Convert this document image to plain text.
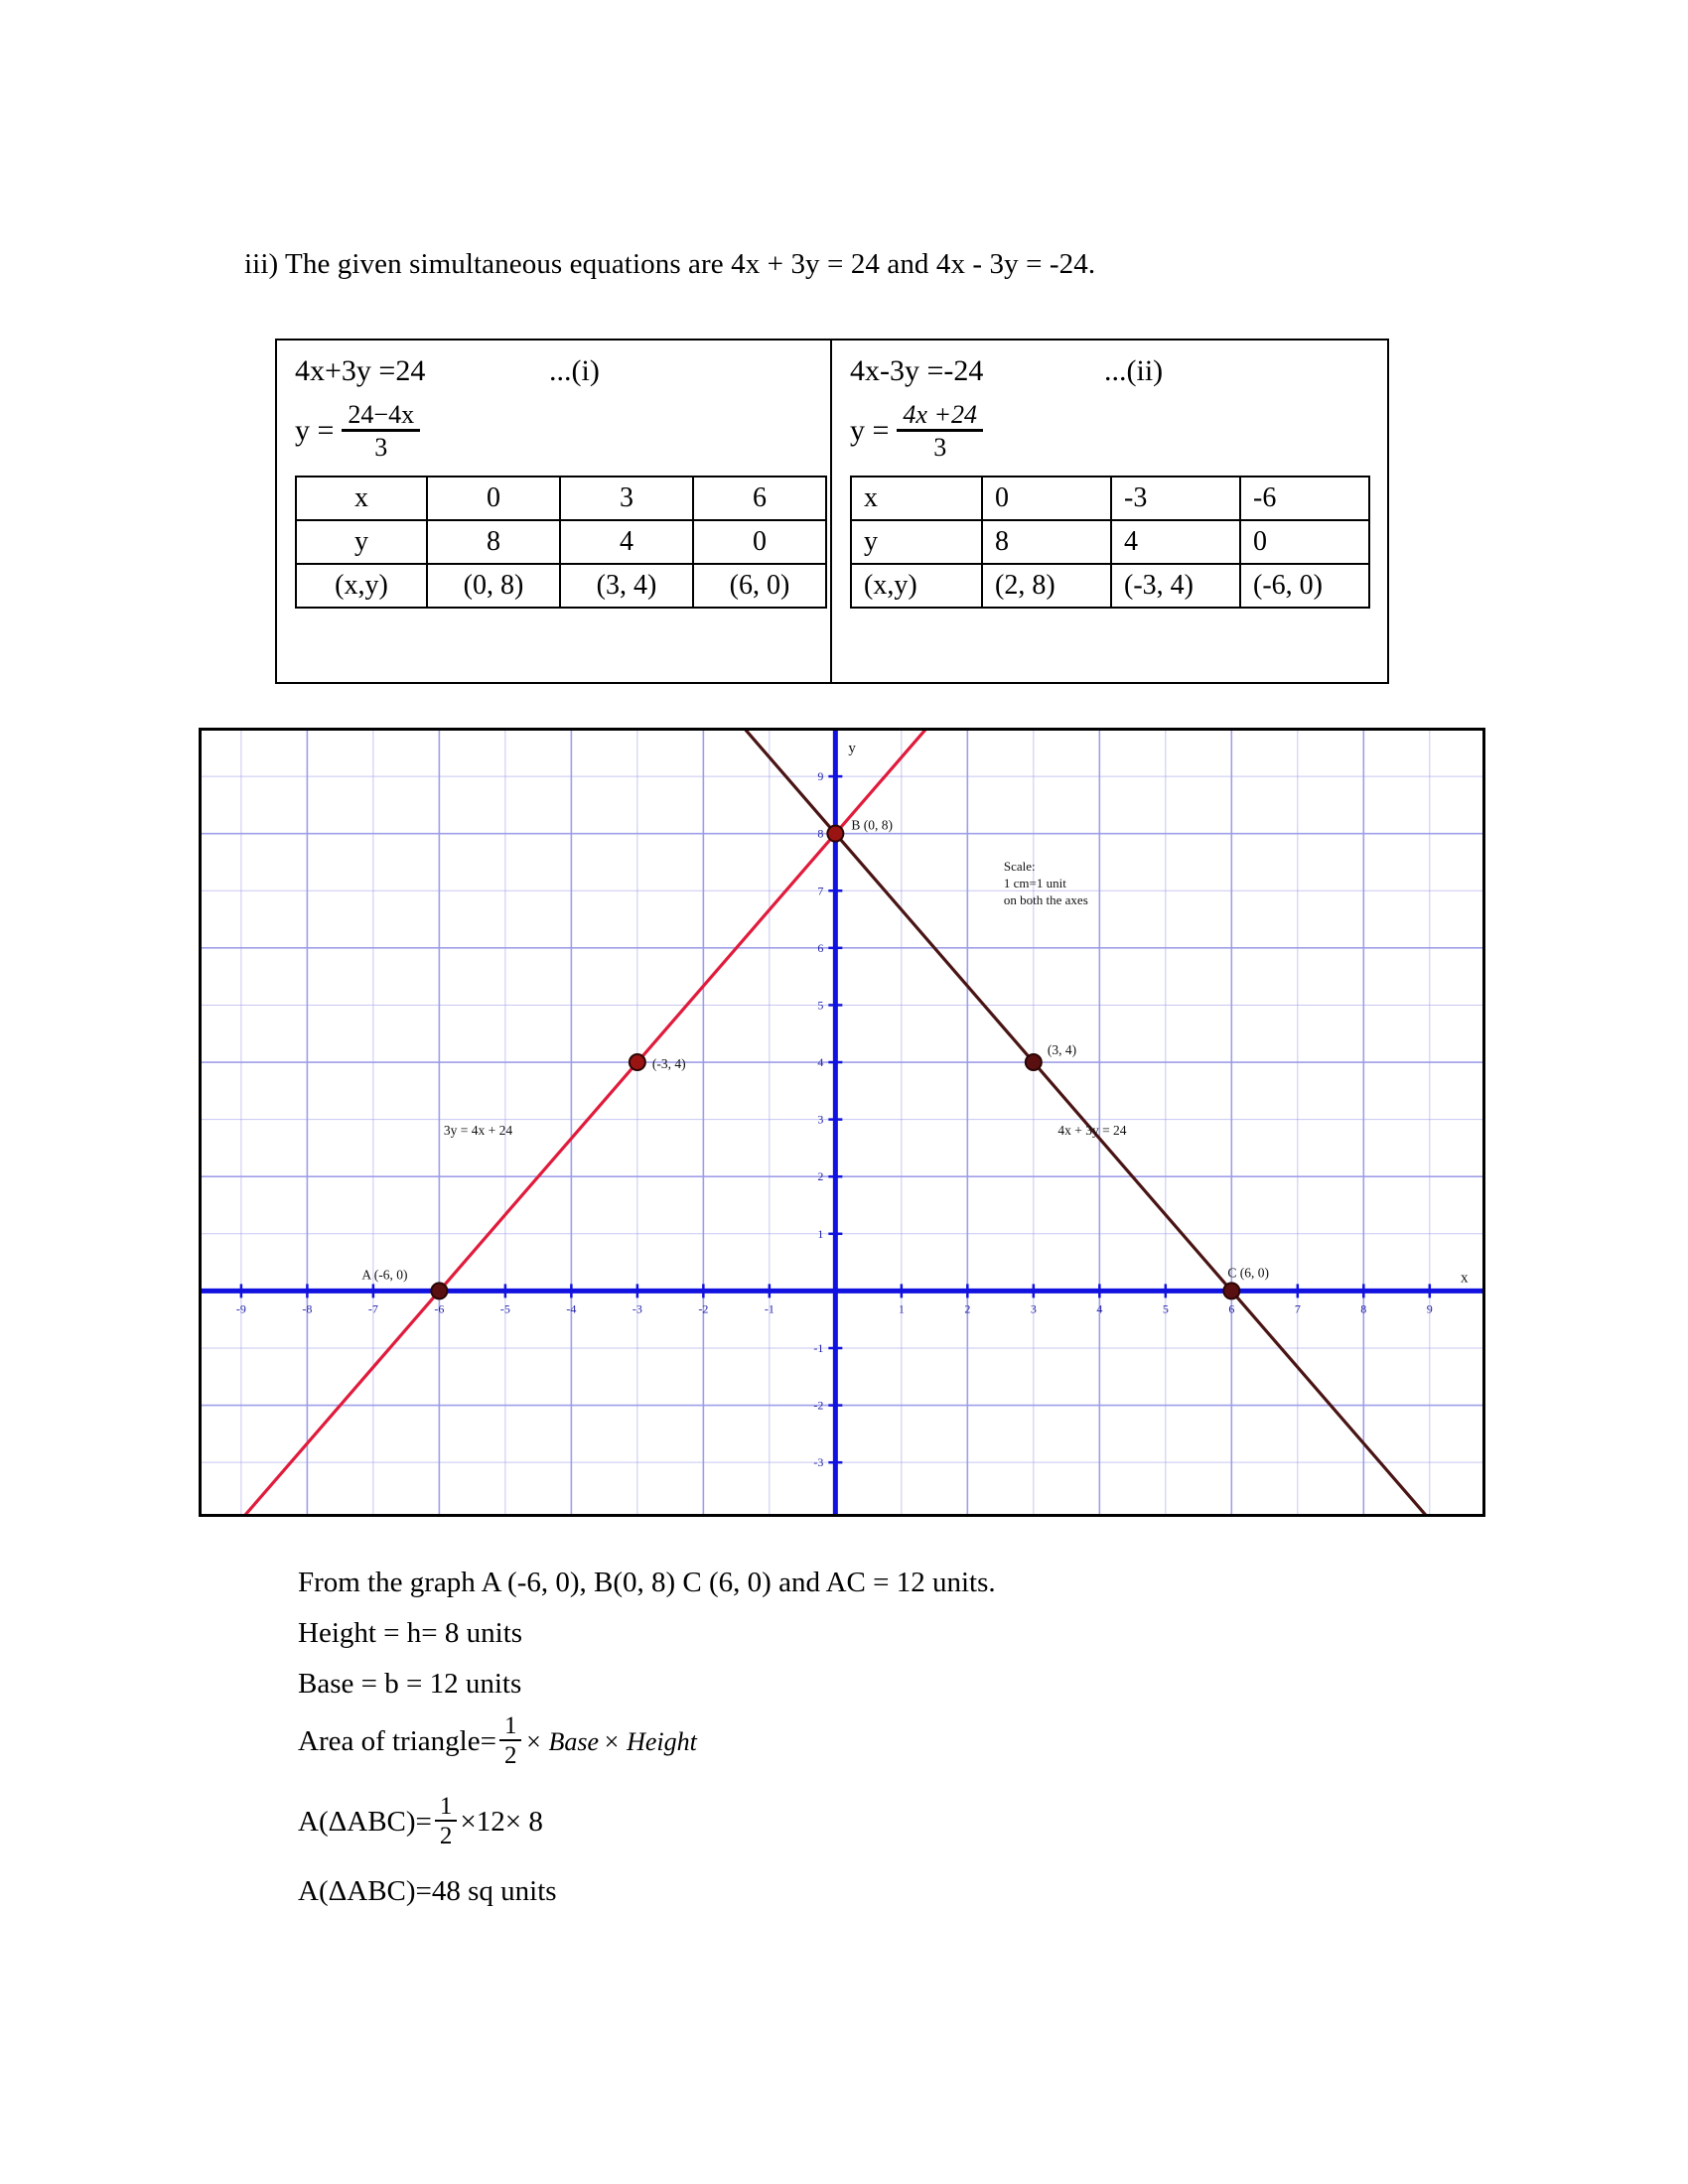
iii) The given simultaneous equations are 4x + 3y = 24 and 4x - 3y = -24.
4x+3y =24	...(i)
$y = \frac{24-4x}{3}$
x	0	3	6
y	8	4	0
(x,y)	(0, 8)	(3, 4)	(6, 0)
4x-3y =-24	...(ii)
$y = \frac{4x +24}{3}$
x	0	-3	-6
y	8	4	0
(x,y)	(2, 8)	(-3, 4)	(-6, 0)
y
x
-9	-8	-7	-6	-5	-4	-3	-2	-1	1	2	3	4	5	6	7	8	9
-3
-2
-1
1
2
3
4
5
6
7
8
9
B (0, 8)
(-3, 4)
(3, 4)
A (-6, 0)	C (6, 0)
3y = 4x + 24	4x + 3y = 24
Scale:
1 cm=1 unit
on both the axes
From the graph A (-6, 0), B(0, 8) C (6, 0) and AC = 12 units.
Height = h= 8 units
Base = b = 12 units
Area of triangle= $\frac{1}{2}$ × Base × Height
$A(\Delta ABC)= \frac{1}{2} \times 12\times 8$
A(ΔABC)=48 sq units
